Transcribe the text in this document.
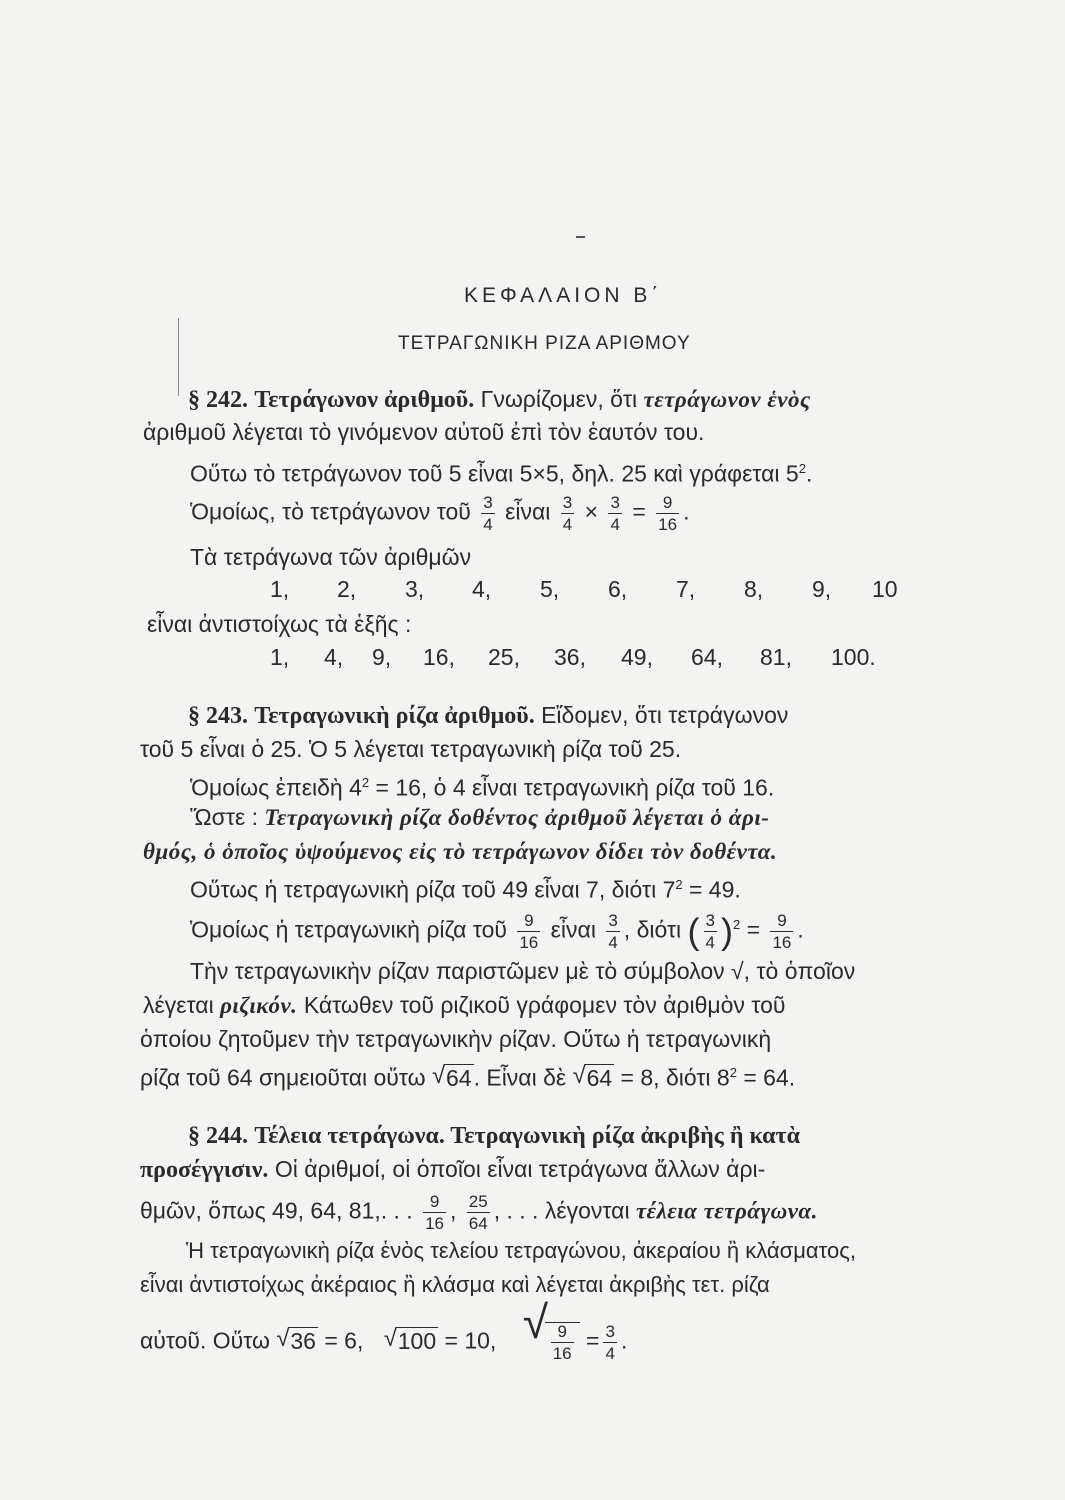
ΚΕΦΑΛΑΙΟΝ Β΄
ΤΕΤΡΑΓΩΝΙΚΗ ΡΙΖΑ ΑΡΙΘΜΟΥ
§ 242. Τετράγωνον ἀριθμοῦ. Γνωρίζομεν, ὅτι τετράγωνον ἑνὸς
ἀριθμοῦ λέγεται τὸ γινόμενον αὐτοῦ ἐπὶ τὸν ἑαυτόν του.
Οὕτω τὸ τετράγωνον τοῦ 5 εἶναι 5×5, δηλ. 25 καὶ γράφεται $5^2$.
Ὁμοίως, τὸ τετράγωνον τοῦ $\frac{3}{4}$ εἶναι $\frac{3}{4} \times \frac{3}{4} = \frac{9}{16}$ .
Τὰ τετράγωνα τῶν ἀριθμῶν
1, 2, 3, 4, 5, 6, 7, 8, 9, 10
εἶναι ἀντιστοίχως τὰ ἑξῆς :
1, 4, 9, 16, 25, 36, 49, 64, 81, 100.
§ 243. Τετραγωνικὴ ρίζα ἀριθμοῦ. Εἴδομεν, ὅτι τετράγωνον
τοῦ 5 εἶναι ὁ 25. Ὁ 5 λέγεται τετραγωνικὴ ρίζα τοῦ 25.
Ὁμοίως ἐπειδὴ $4^2 = 16$, ὁ 4 εἶναι τετραγωνικὴ ρίζα τοῦ 16.
Ὥστε : Τετραγωνικὴ ρίζα δοθέντος ἀριθμοῦ λέγεται ὁ ἀρι-
θμός, ὁ ὁποῖος ὑψούμενος εἰς τὸ τετράγωνον δίδει τὸν δοθέντα.
Οὕτως ἡ τετραγωνικὴ ρίζα τοῦ 49 εἶναι 7, διότι $7^2 = 49$.
Ὁμοίως ἡ τετραγωνικὴ ρίζα τοῦ $\frac{9}{16}$ εἶναι $\frac{3}{4}$ , διότι ( $\frac{3}{4} )^2 = \frac{9}{16}$ .
Τὴν τετραγωνικὴν ρίζαν παριστῶμεν μὲ τὸ σύμβολον √, τὸ ὁποῖον
λέγεται ριζικόν. Κάτωθεν τοῦ ριζικοῦ γράφομεν τὸν ἀριθμὸν τοῦ
ὁποίου ζητοῦμεν τὴν τετραγωνικὴν ρίζαν. Οὕτω ἡ τετραγωνικὴ
ρίζα τοῦ 64 σημειοῦται οὕτω √ 64. Εἶναι δὲ √ 64 = 8, διότι $8^2 = 64$.
§ 244. Τέλεια τετράγωνα. Τετραγωνικὴ ρίζα ἀκριβὴς ἢ κατὰ
προσέγγισιν. Οἱ ἀριθμοί, οἱ ὁποῖοι εἶναι τετράγωνα ἄλλων ἀρι-
θμῶν, ὅπως 49, 64, 81,. . . $\frac{9}{16}$ , $\frac{25}{64}$ , . . . λέγονται τέλεια τετράγωνα.
Ἡ τετραγωνικὴ ρίζα ἑνὸς τελείου τετραγώνου, ἀκεραίου ἢ κλάσματος,
εἶναι ἀντιστοίχως ἀκέραιος ἢ κλάσμα καὶ λέγεται ἀκριβὴς τετ. ρίζα
αὐτοῦ. Οὕτω √ 36 = 6, √ 100 = 10, √ $\frac{9}{16} = \frac{3}{4}$ .
